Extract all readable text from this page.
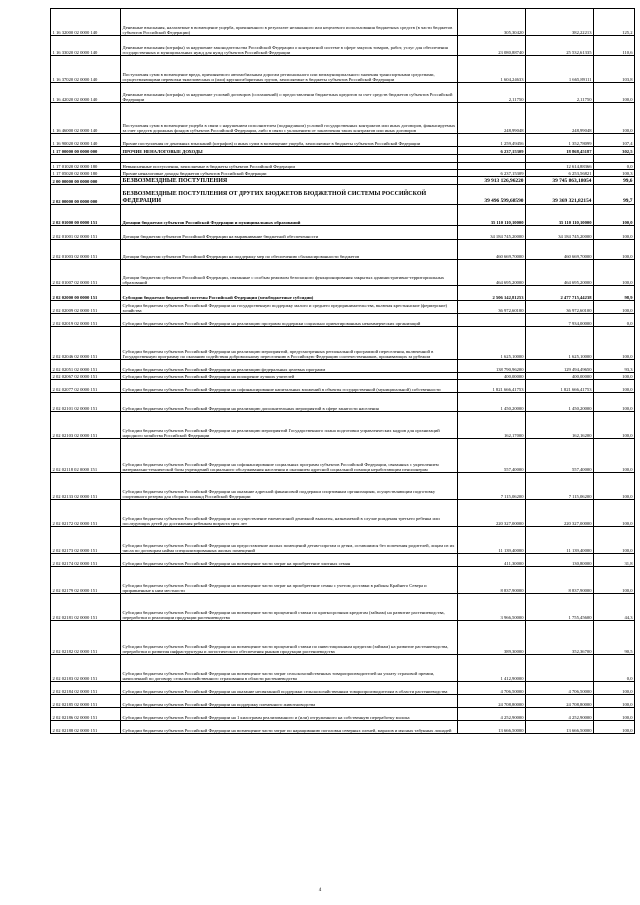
1 16 32000 02 0000 140	Денежные взыскания, налагаемые в возмещение ущерба, причиненного в результате незаконного или нецелевого использования бюджетных средств (в части бюджетов субъектов Российской Федерации)	305,30420	382,22213	125,2
1 16 33020 02 0000 140	Денежные взыскания (штрафы) за нарушение законодательства Российской Федерации о контрактной системе в сфере закупок товаров, работ, услуг для обеспечения государственных и муниципальных нужд для нужд субъектов Российской Федерации	23 080,88740	25 532,61335	110,6
1 16 37020 02 0000 140	Поступления сумм в возмещение вреда, причиняемого автомобильным дорогам регионального или межмуниципального значения транспортными средствами, осуществляющими перевозки тяжеловесных и (или) крупногабаритных грузов, зачисляемые в бюджеты субъектов Российской Федерации	1 604,24633	1 665,89111	103,8
1 16 42020 02 0000 140	Денежные взыскания (штрафы) за нарушение условий договоров (соглашений) о предоставлении бюджетных кредитов за счет средств бюджетов субъектов Российской Федерации	2,11750	2,11750	100,0
1 16 46000 02 0000 140	Поступления сумм в возмещение ущерба в связи с нарушением исполнителем (подрядчиком) условий государственных контрактов или иных договоров, финансируемых за счет средств дорожных фондов субъектов Российской Федерации, либо в связи с уклонением от заключения таких контрактов или иных договоров	248,99048	248,99048	100,0
1 16 90020 02 0000 140	Прочие поступления от денежных взысканий (штрафов) и иных сумм в возмещение ущерба, зачисляемые в бюджеты субъектов Российской Федерации	1 259,49456	1 352,78099	107,4
1 17 00000 00 0000 000	ПРОЧИЕ НЕНАЛОГОВЫЕ ДОХОДЫ	6 237,15309	18 868,45187	302,5

1 17 01020 02 0000 180	Невыясненные поступления, зачисляемые в бюджеты субъектов Российской Федерации		12 614,88366	0,0
1 17 05020 02 0000 180	Прочие неналоговые доходы бюджетов субъектов Российской Федерации	6 237,15309	6 253,56821	100,3
2 00 00000 00 0000 000	БЕЗВОЗМЕЗДНЫЕ ПОСТУПЛЕНИЯ	39 913 126,96220	39 745 863,18054	99,6
2 02 00000 00 0000 000	БЕЗВОЗМЕЗДНЫЕ ПОСТУПЛЕНИЯ ОТ ДРУГИХ БЮДЖЕТОВ БЮДЖЕТНОЙ СИСТЕМЫ РОССИЙСКОЙ ФЕДЕРАЦИИ	39 496 599,68590	39 369 321,82154	99,7
2 02 01000 00 0000 151	Дотации бюджетам субъектов Российской Федерации и муниципальных образований	35 110 110,10000	35 110 110,10000	100,0
2 02 01001 02 0000 151	Дотации бюджетам субъектов Российской Федерации на выравнивание бюджетной обеспеченности	34 184 745,20000	34 184 745,20000	100,0
2 02 01003 02 0000 151	Дотации бюджетам субъектов Российской Федерации на поддержку мер по обеспечению сбалансированности бюджетов	460 669,70000	460 669,70000	100,0
2 02 01007 02 0000 151	Дотации бюджетам субъектов Российской Федерации, связанные с особым режимом безопасного функционирования закрытых административно-территориальных образований	464 695,20000	464 695,20000	100,0
2 02 02000 00 0000 151	Субсидии бюджетам бюджетной системы Российской Федерации (межбюджетные субсидии)	2 506 142,81253	2 477 715,44238	98,9
2 02 02009 02 0000 151	Субсидии бюджетам субъектов Российской Федерации на государственную поддержку малого и среднего предпринимательства, включая крестьянские (фермерские) хозяйства	36 972,60100	36 972,60100	100,0
2 02 02019 02 0000 151	Субсидии бюджетам субъектов Российской Федерации на реализацию программ поддержки социально ориентированных некоммерческих организаций		7 934,00000	0,0
2 02 02046 02 0000 151	Субсидии бюджетам субъектов Российской Федерации на реализацию мероприятий, предусмотренных региональной программой переселения, включенной в Государственную программу по оказанию содействия добровольному переселению в Российскую Федерацию соотечественников, проживающих за рубежом	1 625,10000	1 625,10000	100,0
2 02 02051 02 0000 151	Субсидии бюджетам субъектов Российской Федерации на реализацию федеральных целевых программ	138 790,96200	129 494,49650	93,3
2 02 02067 02 0000 151	Субсидии бюджетам субъектов Российской Федерации на поощрение лучших учителей	400,00000	400,00000	100,0
2 02 02077 02 0000 151	Субсидии бюджетам субъектов Российской Федерации на софинансирование капитальных вложений в объекты государственной (муниципальной) собственности	1 821 666,41753	1 821 666,41753	100,0
2 02 02101 02 0000 151	Субсидии бюджетам субъектов Российской Федерации на реализацию дополнительных мероприятий в сфере занятости населения	1 450,20000	1 450,20000	100,0
2 02 02103 02 0000 151	Субсидии бюджетам субъектов Российской Федерации на реализацию мероприятий Государственного плана подготовки управленческих кадров для организаций народного хозяйства Российской Федерации	162,17000	162,16200	100,0
2 02 02118 02 0000 151	Субсидии бюджетам субъектов Российской Федерации на софинансирование социальных программ субъектов Российской Федерации, связанных с укреплением материально-технической базы учреждений социального обслуживания населения и оказанием адресной социальной помощи неработающим пенсионерам	557,40000	557,40000	100,0
2 02 02133 02 0000 151	Субсидии бюджетам субъектов Российской Федерации на оказание адресной финансовой поддержки спортивным организациям, осуществляющим подготовку спортивного резерва для сборных команд Российской Федерации	7 115,06200	7 115,06200	100,0
2 02 02172 02 0000 151	Субсидии бюджетам субъектов Российской Федерации на осуществление ежемесячной денежной выплаты, назначаемой в случае рождения третьего ребенка или последующих детей до достижения ребенком возраста трех лет	220 327,00000	220 327,00000	100,0
2 02 02173 02 0000 151	Субсидии бюджетам субъектов Российской Федерации на предоставление жилых помещений детям-сиротам и детям, оставшимся без попечения родителей, лицам из их числа по договорам найма специализированных жилых помещений	11 139,40000	11 139,40000	100,0
2 02 02174 02 0000 151	Субсидии бюджетам субъектов Российской Федерации на возмещение части затрат на приобретение элитных семян	411,30000	130,80000	31,8
2 02 02179 02 0000 151	Субсидии бюджетам субъектов Российской Федерации на возмещение части затрат на приобретение семян с учетом доставки в районы Крайнего Севера и приравненные к ним местности	8 837,90000	8 837,90000	100,0
2 02 02181 02 0000 151	Субсидии бюджетам субъектов Российской Федерации на возмещение части процентной ставки по краткосрочным кредитам (займам) на развитие растениеводства, переработки и реализации продукции растениеводства	3 966,50000	1 755,45600	44,3
2 02 02182 02 0000 151	Субсидии бюджетам субъектов Российской Федерации на возмещение части процентной ставки по инвестиционным кредитам (займам) на развитие растениеводства, переработки и развития инфраструктуры и логистического обеспечения рынков продукции растениеводства	389,30000	352,36700	90,5
2 02 02183 02 0000 151	Субсидии бюджетам субъектов Российской Федерации на возмещение части затрат сельскохозяйственных товаропроизводителей на уплату страховой премии, начисленной по договору сельскохозяйственного страхования в области растениеводства	1 412,90000		0,0
2 02 02184 02 0000 151	Субсидии бюджетам субъектов Российской Федерации на оказание несвязанной поддержки сельскохозяйственным товаропроизводителям в области растениеводства	4 706,50000	4 706,50000	100,0
2 02 02185 02 0000 151	Субсидии бюджетам субъектов Российской Федерации на поддержку племенного животноводства	24 708,80000	24 708,80000	100,0
2 02 02186 02 0000 151	Субсидии бюджетам субъектов Российской Федерации на 1 килограмм реализованного и (или) отгруженного на собственную переработку молока	4 252,90000	4 252,90000	100,0
2 02 02188 02 0000 151	Субсидии бюджетам субъектов Российской Федерации на возмещение части затрат по наращиванию поголовья северных оленей, маралов и мясных табунных лошадей	13 666,50000	13 666,50000	100,0
4
